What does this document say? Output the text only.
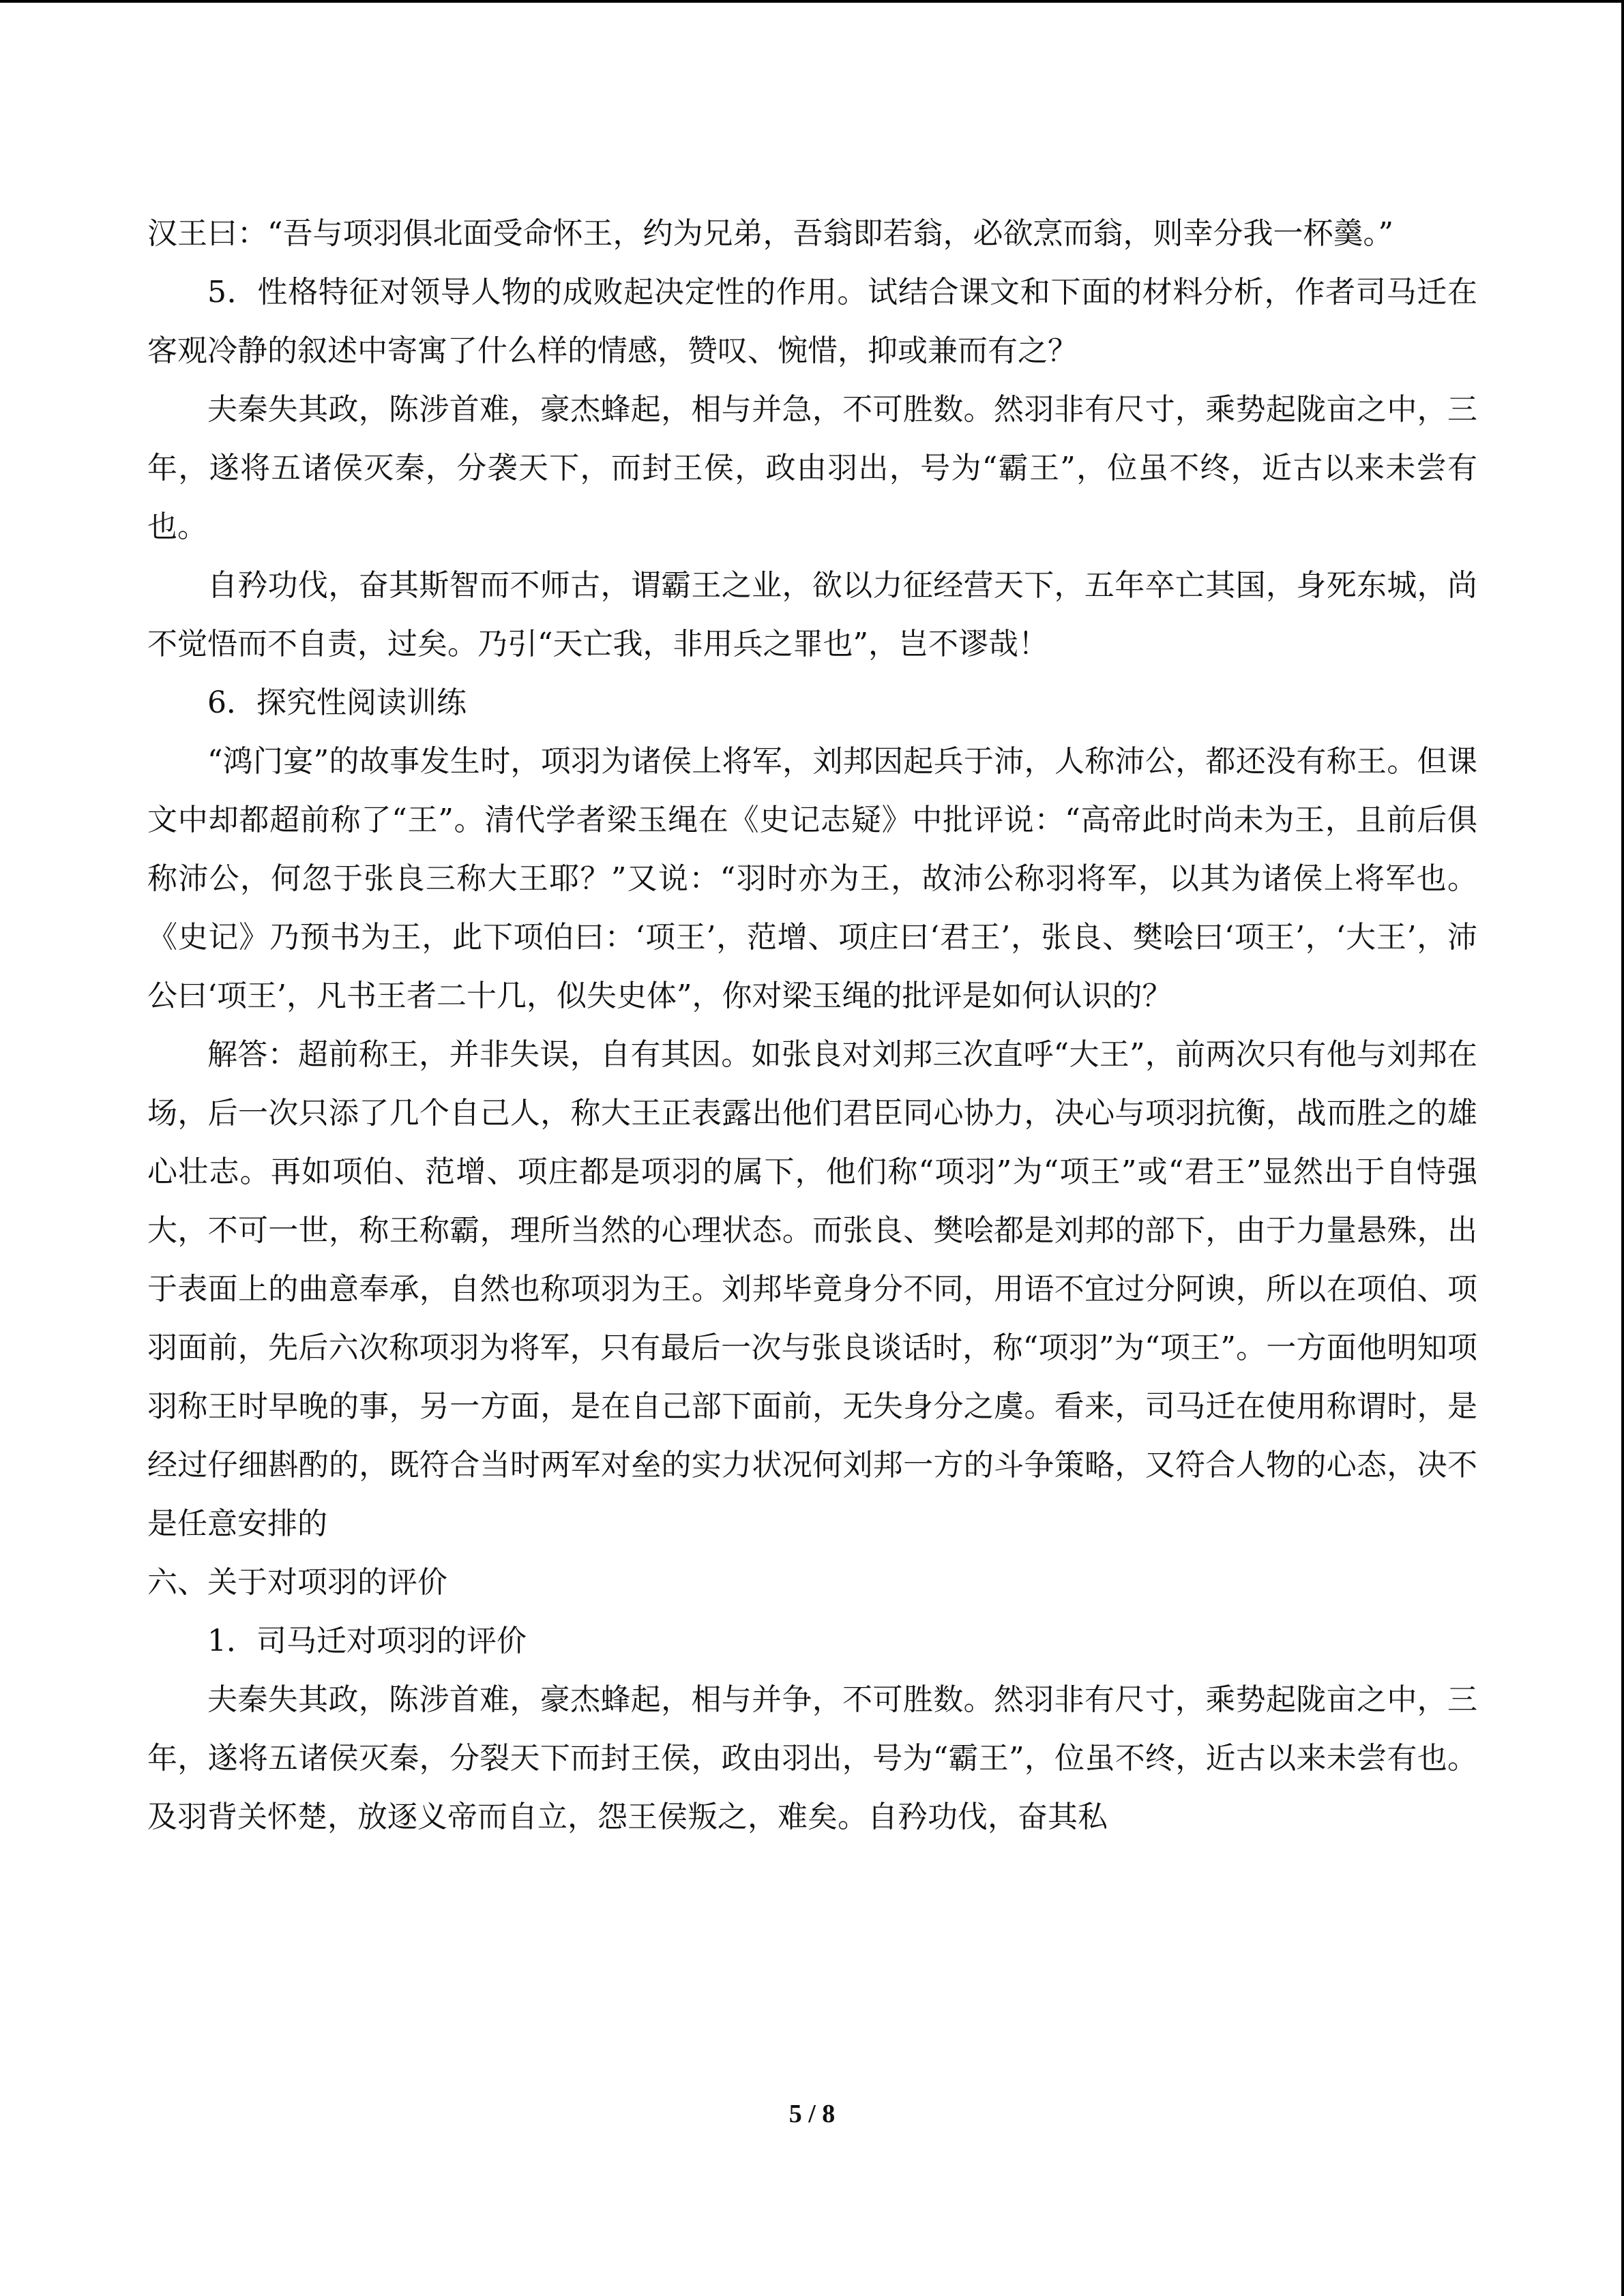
汉王曰：“吾与项羽俱北面受命怀王，约为兄弟，吾翁即若翁，必欲烹而翁，则幸分我一杯羹。”

5．性格特征对领导人物的成败起决定性的作用。试结合课文和下面的材料分析，作者司马迁在客观冷静的叙述中寄寓了什么样的情感，赞叹、惋惜，抑或兼而有之？

夫秦失其政，陈涉首难，豪杰蜂起，相与并急，不可胜数。然羽非有尺寸，乘势起陇亩之中，三年，遂将五诸侯灭秦，分袭天下，而封王侯，政由羽出，号为“霸王”，位虽不终，近古以来未尝有也。

自矜功伐，奋其斯智而不师古，谓霸王之业，欲以力征经营天下，五年卒亡其国，身死东城，尚不觉悟而不自责，过矣。乃引“天亡我，非用兵之罪也”，岂不谬哉！

6．探究性阅读训练

“鸿门宴”的故事发生时，项羽为诸侯上将军，刘邦因起兵于沛，人称沛公，都还没有称王。但课文中却都超前称了“王”。清代学者梁玉绳在《史记志疑》中批评说：“高帝此时尚未为王，且前后俱称沛公，何忽于张良三称大王耶？”又说：“羽时亦为王，故沛公称羽将军，以其为诸侯上将军也。《史记》乃预书为王，此下项伯曰：‘项王’，范增、项庄曰‘君王’，张良、樊哙曰‘项王’，‘大王’，沛公曰‘项王’，凡书王者二十几，似失史体”，你对梁玉绳的批评是如何认识的？

解答：超前称王，并非失误，自有其因。如张良对刘邦三次直呼“大王”，前两次只有他与刘邦在场，后一次只添了几个自己人，称大王正表露出他们君臣同心协力，决心与项羽抗衡，战而胜之的雄心壮志。再如项伯、范增、项庄都是项羽的属下，他们称“项羽”为“项王”或“君王”显然出于自恃强大，不可一世，称王称霸，理所当然的心理状态。而张良、樊哙都是刘邦的部下，由于力量悬殊，出于表面上的曲意奉承，自然也称项羽为王。刘邦毕竟身分不同，用语不宜过分阿谀，所以在项伯、项羽面前，先后六次称项羽为将军，只有最后一次与张良谈话时，称“项羽”为“项王”。一方面他明知项羽称王时早晚的事，另一方面，是在自己部下面前，无失身分之虞。看来，司马迁在使用称谓时，是经过仔细斟酌的，既符合当时两军对垒的实力状况何刘邦一方的斗争策略，又符合人物的心态，决不是任意安排的

六、关于对项羽的评价

1．司马迁对项羽的评价

夫秦失其政，陈涉首难，豪杰蜂起，相与并争，不可胜数。然羽非有尺寸，乘势起陇亩之中，三年，遂将五诸侯灭秦，分裂天下而封王侯，政由羽出，号为“霸王”，位虽不终，近古以来未尝有也。及羽背关怀楚，放逐义帝而自立，怨王侯叛之，难矣。自矜功伐，奋其私

5 / 8
